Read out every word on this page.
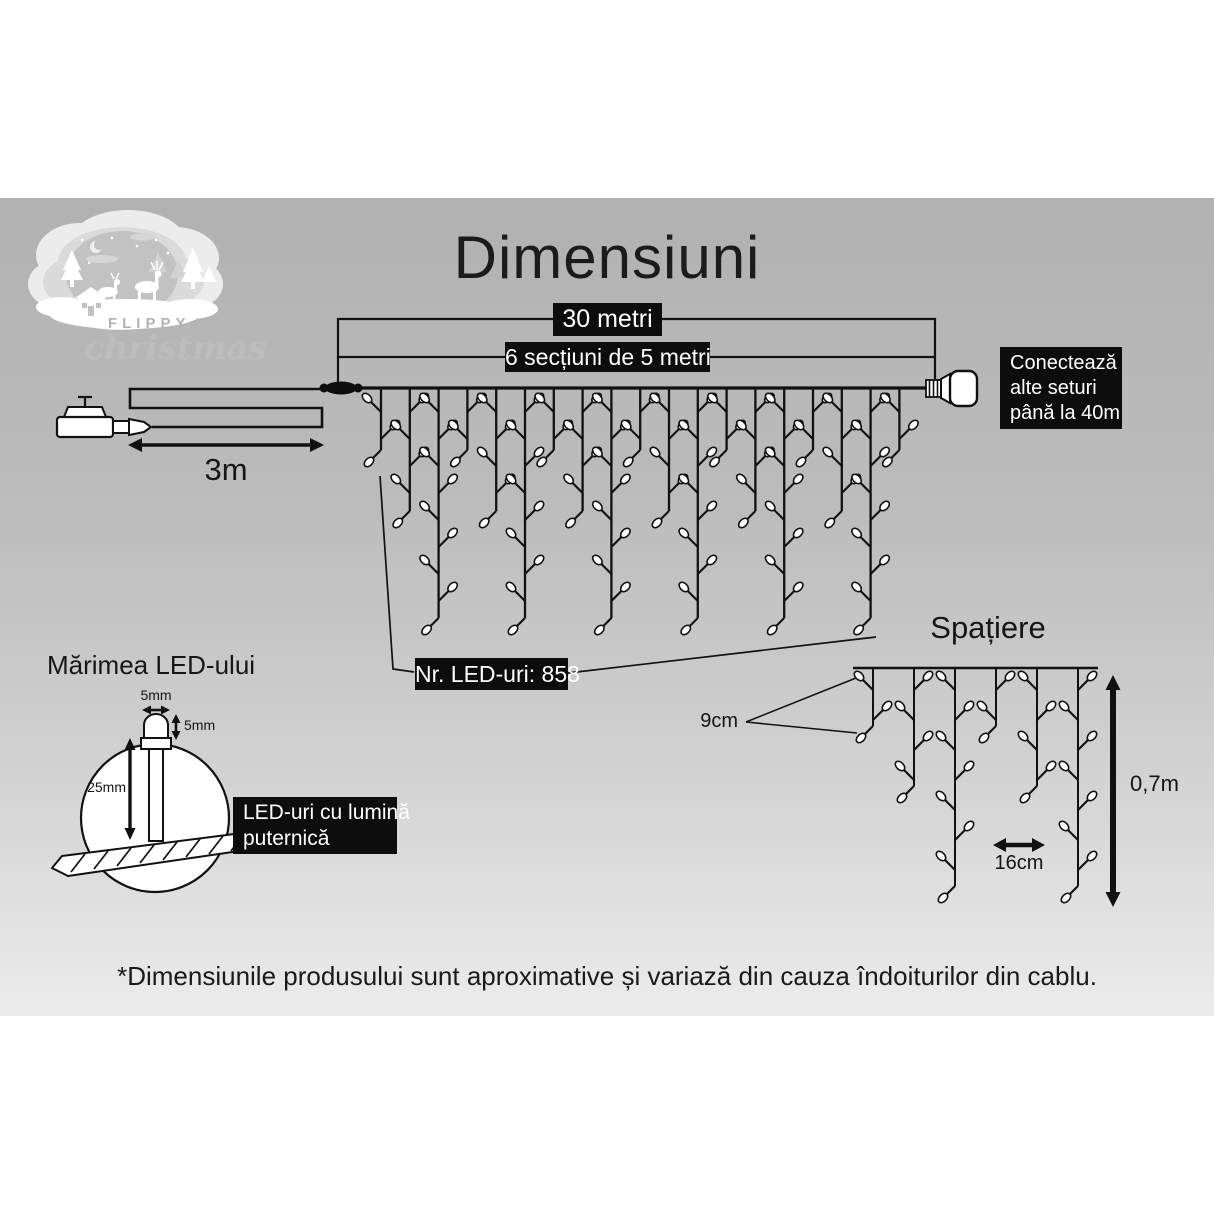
Dimensiuni
30 metri
6 secțiuni de 5 metri	Conectează
alte seturi
până la 40m
3m
Nr. LED-uri: 858
Spațiere
9cm
16cm
0,7m
Mărimea LED-ului
5mm
5mm
25mm
LED-uri cu lumină
puternică
*Dimensiunile produsului sunt aproximative și variază din cauza îndoiturilor din cablu.
FLIPPY.
christmas
